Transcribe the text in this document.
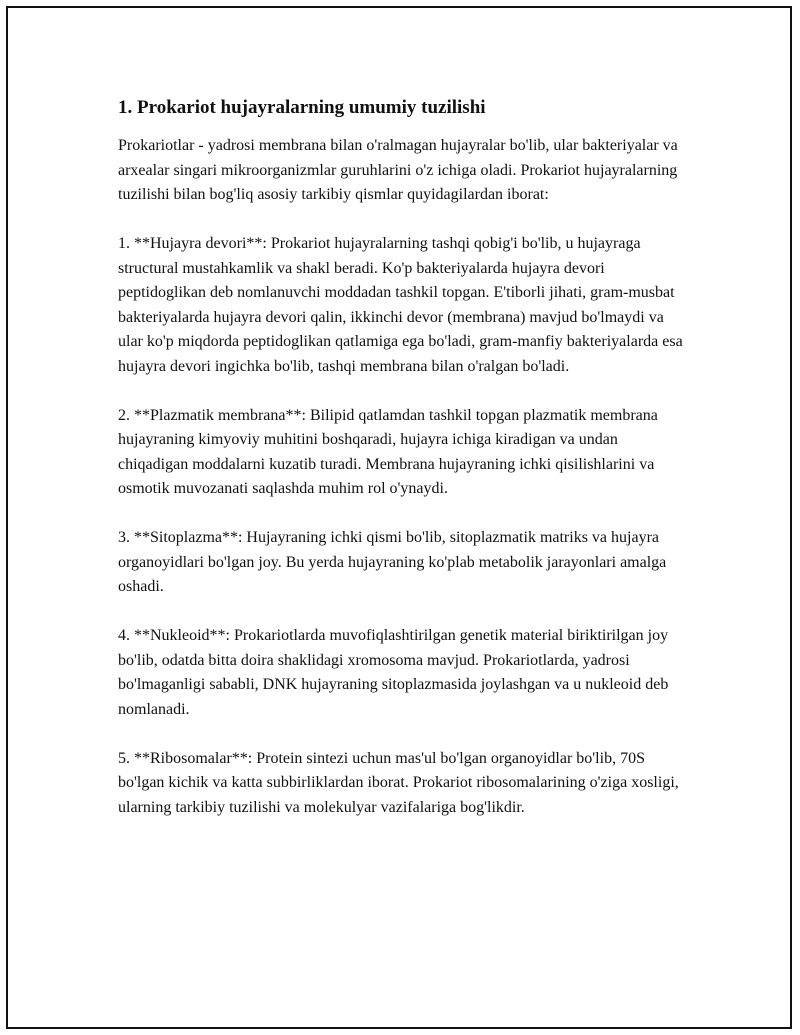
1. Prokariot hujayralarning umumiy tuzilishi

Prokariotlar - yadrosi membrana bilan o'ralmagan hujayralar bo'lib, ular bakteriyalar va arxealar singari mikroorganizmlar guruhlarini o'z ichiga oladi. Prokariot hujayralarning tuzilishi bilan bog'liq asosiy tarkibiy qismlar quyidagilardan iborat:

1. **Hujayra devori**: Prokariot hujayralarning tashqi qobig'i bo'lib, u hujayraga structural mustahkamlik va shakl beradi. Ko'p bakteriyalarda hujayra devori peptidoglikan deb nomlanuvchi moddadan tashkil topgan. E'tiborli jihati, gram-musbat bakteriyalarda hujayra devori qalin, ikkinchi devor (membrana) mavjud bo'lmaydi va ular ko'p miqdorda peptidoglikan qatlamiga ega bo'ladi, gram-manfiy bakteriyalarda esa hujayra devori ingichka bo'lib, tashqi membrana bilan o'ralgan bo'ladi.

2. **Plazmatik membrana**: Bilipid qatlamdan tashkil topgan plazmatik membrana hujayraning kimyoviy muhitini boshqaradi, hujayra ichiga kiradigan va undan chiqadigan moddalarni kuzatib turadi. Membrana hujayraning ichki qisilishlarini va osmotik muvozanati saqlashda muhim rol o'ynaydi.

3. **Sitoplazma**: Hujayraning ichki qismi bo'lib, sitoplazmatik matriks va hujayra organoyidlari bo'lgan joy. Bu yerda hujayraning ko'plab metabolik jarayonlari amalga oshadi.

4. **Nukleoid**: Prokariotlarda muvofiqlashtirilgan genetik material biriktirilgan joy bo'lib, odatda bitta doira shaklidagi xromosoma mavjud. Prokariotlarda, yadrosi bo'lmaganligi sababli, DNK hujayraning sitoplazmasida joylashgan va u nukleoid deb nomlanadi.

5. **Ribosomalar**: Protein sintezi uchun mas'ul bo'lgan organoyidlar bo'lib, 70S bo'lgan kichik va katta subbirliklardan iborat. Prokariot ribosomalarining o'ziga xosligi, ularning tarkibiy tuzilishi va molekulyar vazifalariga bog'likdir.
